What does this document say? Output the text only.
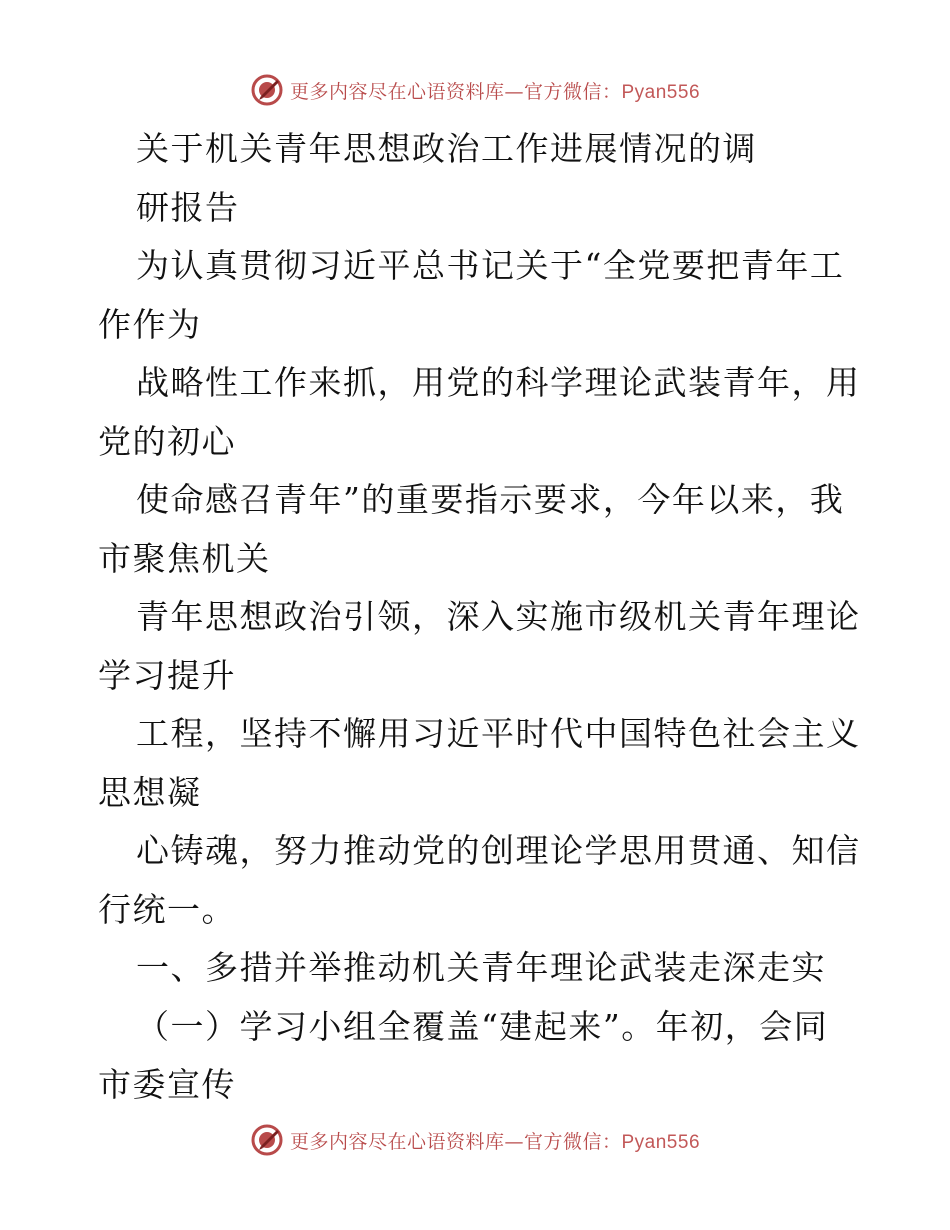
更多内容尽在心语资料库—官方微信：Pyan556
关于机关青年思想政治工作进展情况的调
研报告
为认真贯彻习近平总书记关于“全党要把青年工
作作为
战略性工作来抓，用党的科学理论武装青年，用
党的初心
使命感召青年”的重要指示要求，今年以来，我
市聚焦机关
青年思想政治引领，深入实施市级机关青年理论
学习提升
工程，坚持不懈用习近平时代中国特色社会主义
思想凝
心铸魂，努力推动党的创理论学思用贯通、知信
行统一。
一、多措并举推动机关青年理论武装走深走实
（一）学习小组全覆盖“建起来”。年初，会同
市委宣传
更多内容尽在心语资料库—官方微信：Pyan556
